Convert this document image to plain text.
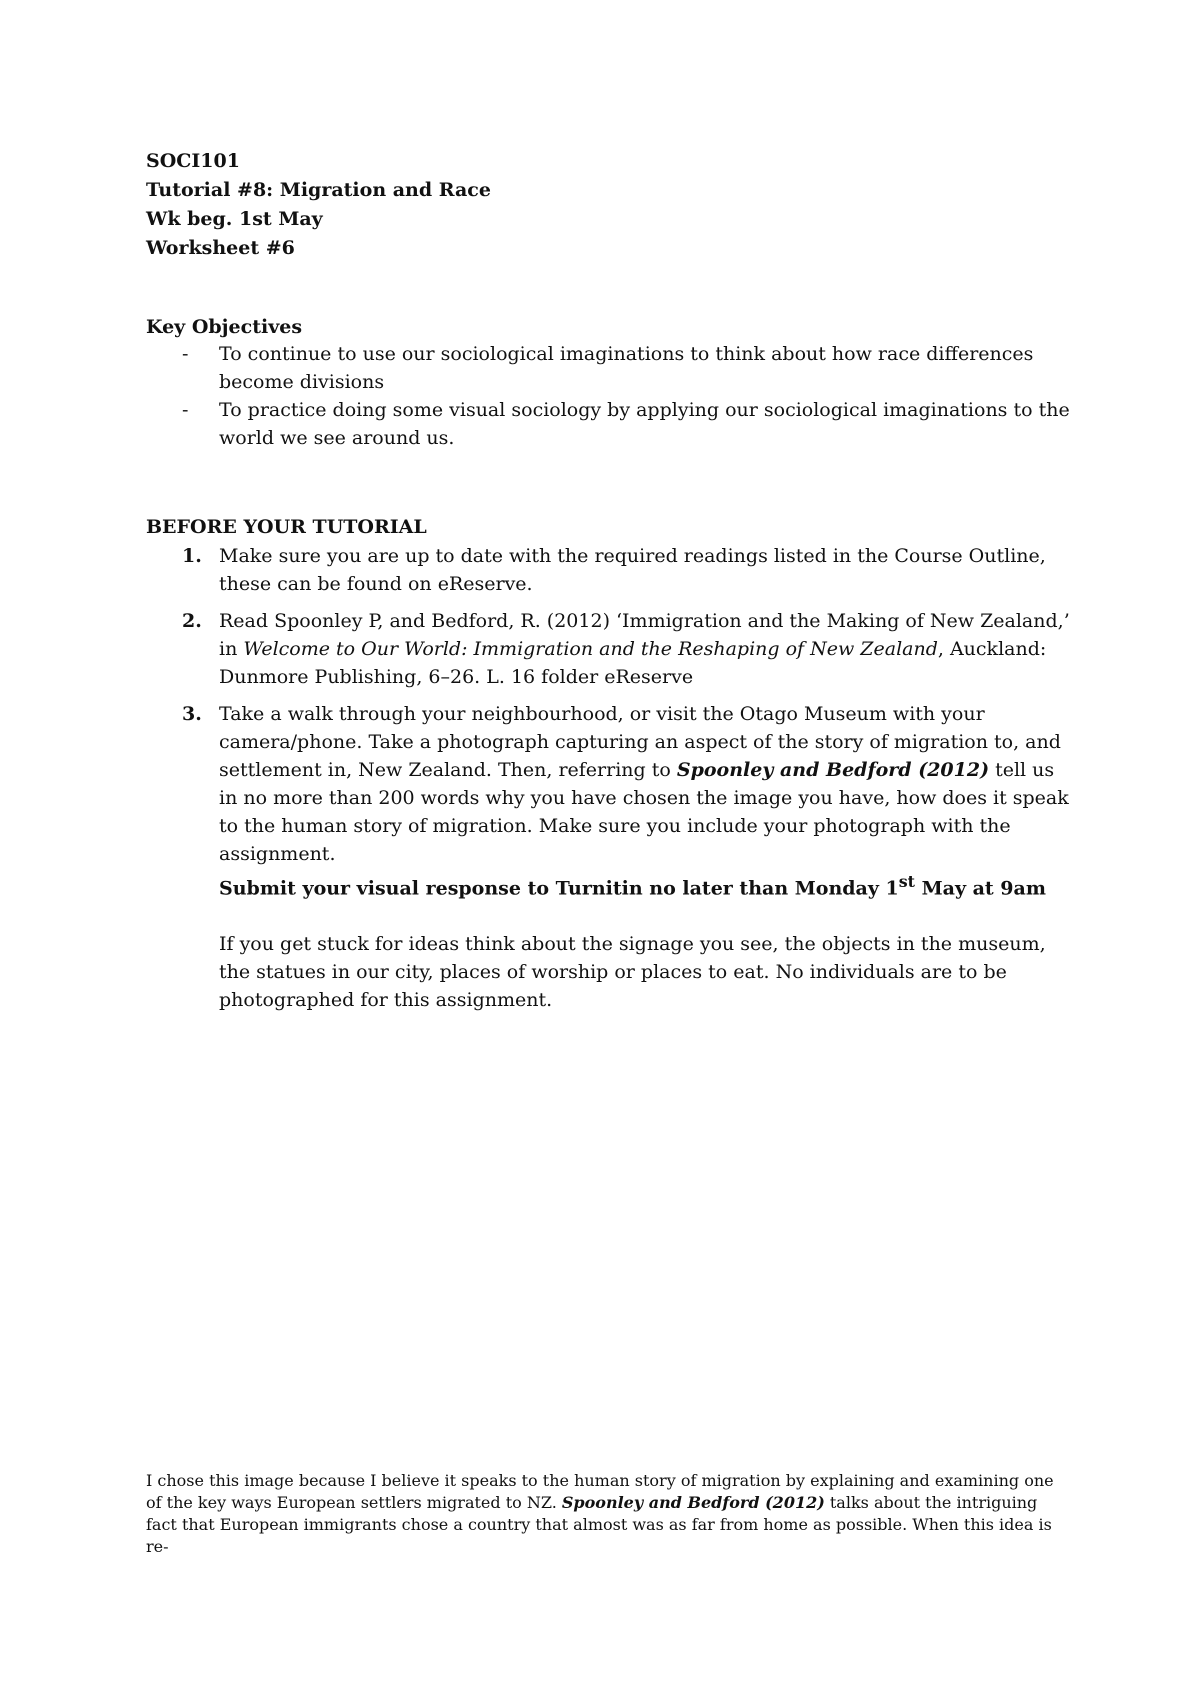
SOCI101
Tutorial #8: Migration and Race
Wk beg. 1st May
Worksheet #6
Key Objectives
- To continue to use our sociological imaginations to think about how race differences become divisions
- To practice doing some visual sociology by applying our sociological imaginations to the world we see around us.
BEFORE YOUR TUTORIAL
1. Make sure you are up to date with the required readings listed in the Course Outline, these can be found on eReserve.
2. Read Spoonley P, and Bedford, R. (2012) ‘Immigration and the Making of New Zealand,’ in Welcome to Our World: Immigration and the Reshaping of New Zealand, Auckland: Dunmore Publishing, 6–26. L. 16 folder eReserve
3. Take a walk through your neighbourhood, or visit the Otago Museum with your camera/phone. Take a photograph capturing an aspect of the story of migration to, and settlement in, New Zealand. Then, referring to Spoonley and Bedford (2012) tell us in no more than 200 words why you have chosen the image you have, how does it speak to the human story of migration. Make sure you include your photograph with the assignment.
Submit your visual response to Turnitin no later than Monday 1st May at 9am
If you get stuck for ideas think about the signage you see, the objects in the museum, the statues in our city, places of worship or places to eat. No individuals are to be photographed for this assignment.
I chose this image because I believe it speaks to the human story of migration by explaining and examining one of the key ways European settlers migrated to NZ. Spoonley and Bedford (2012) talks about the intriguing fact that European immigrants chose a country that almost was as far from home as possible. When this idea is re-
